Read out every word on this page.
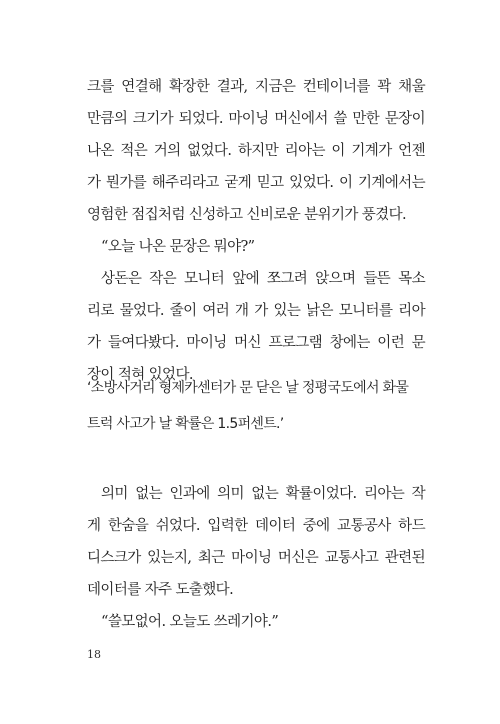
크를 연결해 확장한 결과, 지금은 컨테이너를 꽉 채울
만큼의 크기가 되었다. 마이닝 머신에서 쓸 만한 문장이
나온 적은 거의 없었다. 하지만 리아는 이 기계가 언젠
가 뭔가를 해주리라고 굳게 믿고 있었다. 이 기계에서는
영험한 점집처럼 신성하고 신비로운 분위기가 풍겼다.
“오늘 나온 문장은 뭐야?”
상돈은 작은 모니터 앞에 쪼그려 앉으며 들뜬 목소
리로 물었다. 줄이 여러 개 가 있는 낡은 모니터를 리아
가 들여다봤다. 마이닝 머신 프로그램 창에는 이런 문
장이 적혀 있었다.
‘소방사거리 형제카센터가 문 닫은 날 정평국도에서 화물
트럭 사고가 날 확률은 1.5퍼센트.’
의미 없는 인과에 의미 없는 확률이었다. 리아는 작
게 한숨을 쉬었다. 입력한 데이터 중에 교통공사 하드
디스크가 있는지, 최근 마이닝 머신은 교통사고 관련된
데이터를 자주 도출했다.
“쓸모없어. 오늘도 쓰레기야.”
18
